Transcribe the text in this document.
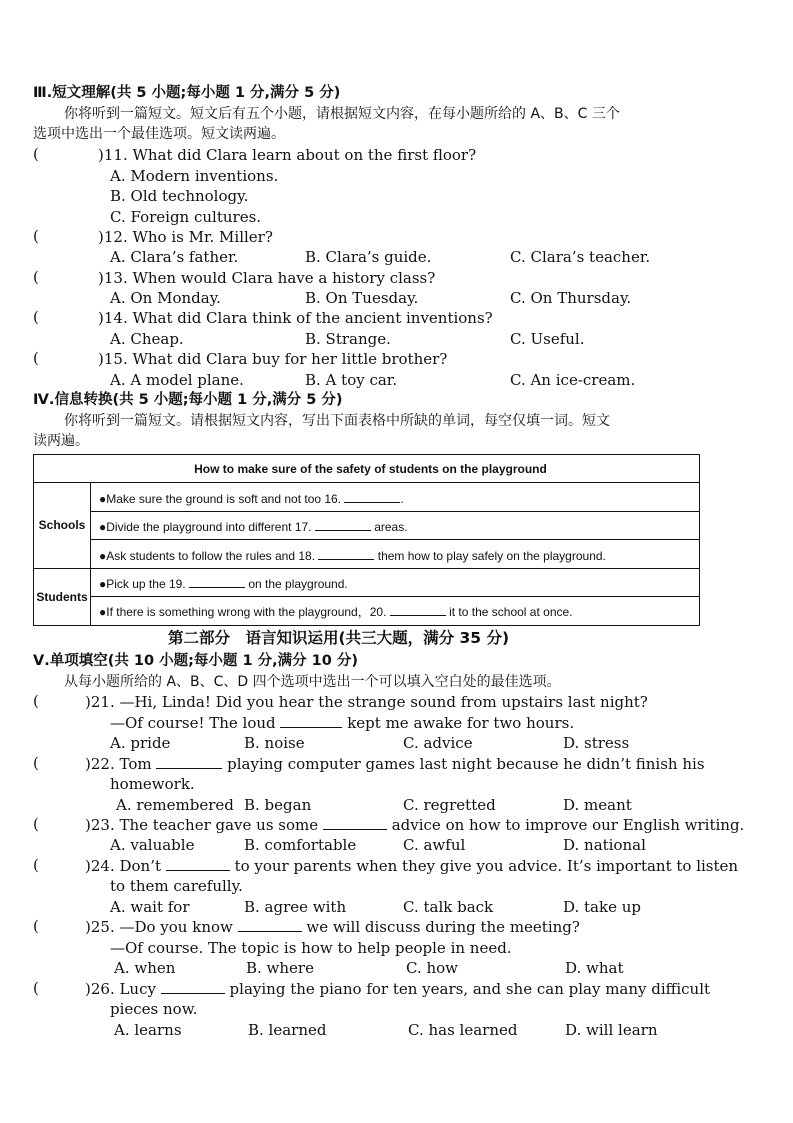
Ⅲ.短文理解(共 5 小题;每小题 1 分,满分 5 分)
你将听到一篇短文。短文后有五个小题，请根据短文内容，在每小题所给的 A、B、C 三个
选项中选出一个最佳选项。短文读两遍。
(	)11. What did Clara learn about on the first floor?
A. Modern inventions.
B. Old technology.
C. Foreign cultures.
(	)12. Who is Mr. Miller?
A. Clara’s father.	B. Clara’s guide.	C. Clara’s teacher.
(	)13. When would Clara have a history class?
A. On Monday.	B. On Tuesday.	C. On Thursday.
(	)14. What did Clara think of the ancient inventions?
A. Cheap.	B. Strange.	C. Useful.
(	)15. What did Clara buy for her little brother?
A. A model plane.	B. A toy car.	C. An ice-cream.
Ⅳ.信息转换(共 5 小题;每小题 1 分,满分 5 分)
你将听到一篇短文。请根据短文内容，写出下面表格中所缺的单词，每空仅填一词。短文
读两遍。
How to make sure of the safety of students on the playground	
Schools	●Make sure the ground is soft and not too 16. .
	●Divide the playground into different 17. areas.
	●Ask students to follow the rules and 18. them how to play safely on the playground.
Students	●Pick up the 19. on the playground.
	●If there is something wrong with the playground，20. it to the school at once.
第二部分　语言知识运用(共三大题，满分 35 分)
Ⅴ.单项填空(共 10 小题;每小题 1 分,满分 10 分)
从每小题所给的 A、B、C、D 四个选项中选出一个可以填入空白处的最佳选项。
(	)21. —Hi, Linda! Did you hear the strange sound from upstairs last night?
—Of course! The loud	kept me awake for two hours.
A. pride	B. noise	C. advice	D. stress
(	)22. Tom	playing computer games last night because he didn’t finish his
homework.
A. remembered B. began	C. regretted	D. meant
(	)23. The teacher gave us some	advice on how to improve our English writing.
A. valuable	B. comfortable	C. awful	D. national
(	)24. Don’t	to your parents when they give you advice. It’s important to listen
to them carefully.
A. wait for	B. agree with	C. talk back	D. take up
(	)25. —Do you know	we will discuss during the meeting?
—Of course. The topic is how to help people in need.
A. when	B. where	C. how	D. what
(	)26. Lucy	playing the piano for ten years, and she can play many difficult
pieces now.
A. learns	B. learned	C. has learned	D. will learn
